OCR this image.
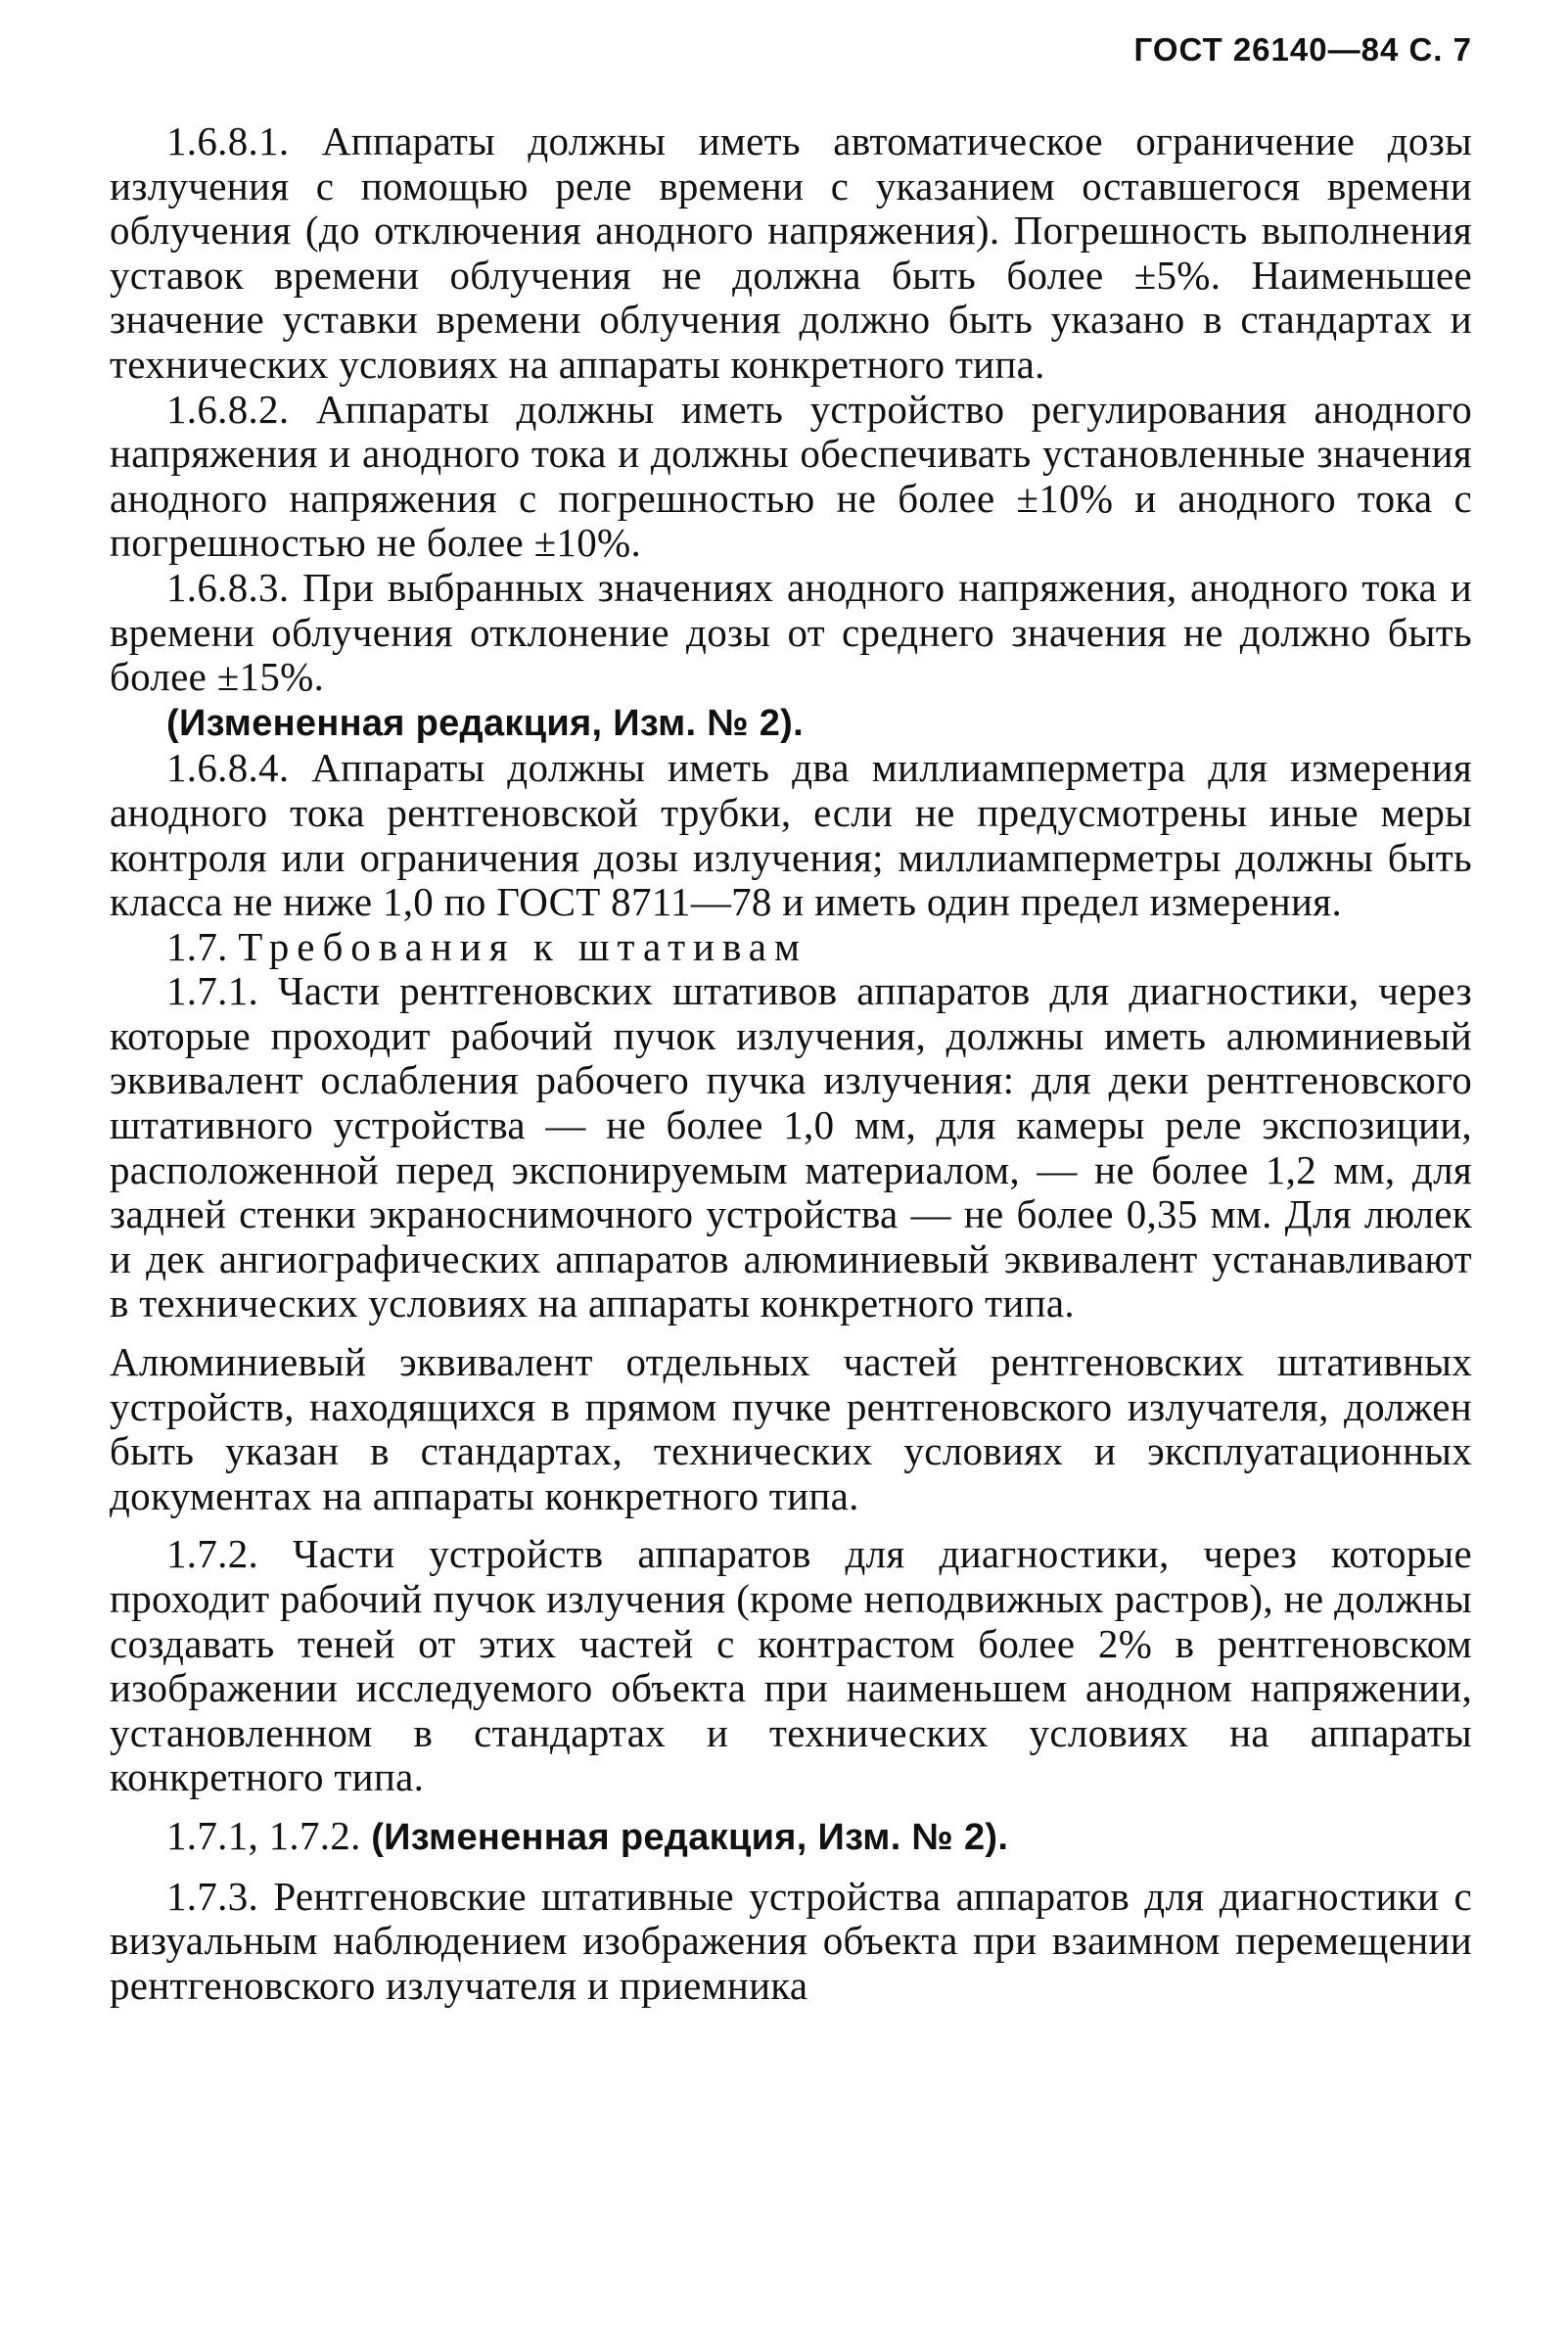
ГОСТ 26140—84 С. 7

1.6.8.1. Аппараты должны иметь автоматическое ограничение дозы излучения с помощью реле времени с указанием оставшегося времени облучения (до отключения анодного напряжения). Погрешность выполнения уставок времени облучения не должна быть более ±5%. Наименьшее значение уставки времени облучения должно быть указано в стандартах и технических условиях на аппараты конкретного типа.

1.6.8.2. Аппараты должны иметь устройство регулирования анодного напряжения и анодного тока и должны обеспечивать установленные значения анодного напряжения с погрешностью не более ±10% и анодного тока с погрешностью не более ±10%.

1.6.8.3. При выбранных значениях анодного напряжения, анодного тока и времени облучения отклонение дозы от среднего значения не должно быть более ±15%.

(Измененная редакция, Изм. № 2).

1.6.8.4. Аппараты должны иметь два миллиамперметра для измерения анодного тока рентгеновской трубки, если не предусмотрены иные меры контроля или ограничения дозы излучения; миллиамперметры должны быть класса не ниже 1,0 по ГОСТ 8711—78 и иметь один предел измерения.

1.7. Требования к штативам

1.7.1. Части рентгеновских штативов аппаратов для диагностики, через которые проходит рабочий пучок излучения, должны иметь алюминиевый эквивалент ослабления рабочего пучка излучения: для деки рентгеновского штативного устройства — не более 1,0 мм, для камеры реле экспозиции, расположенной перед экспонируемым материалом, — не более 1,2 мм, для задней стенки экраноснимочного устройства — не более 0,35 мм. Для люлек и дек ангиографических аппаратов алюминиевый эквивалент устанавливают в технических условиях на аппараты конкретного типа.

Алюминиевый эквивалент отдельных частей рентгеновских штативных устройств, находящихся в прямом пучке рентгеновского излучателя, должен быть указан в стандартах, технических условиях и эксплуатационных документах на аппараты конкретного типа.

1.7.2. Части устройств аппаратов для диагностики, через которые проходит рабочий пучок излучения (кроме неподвижных растров), не должны создавать теней от этих частей с контрастом более 2% в рентгеновском изображении исследуемого объекта при наименьшем анодном напряжении, установленном в стандартах и технических условиях на аппараты конкретного типа.

1.7.1, 1.7.2. (Измененная редакция, Изм. № 2).

1.7.3. Рентгеновские штативные устройства аппаратов для диагностики с визуальным наблюдением изображения объекта при взаимном перемещении рентгеновского излучателя и приемника
